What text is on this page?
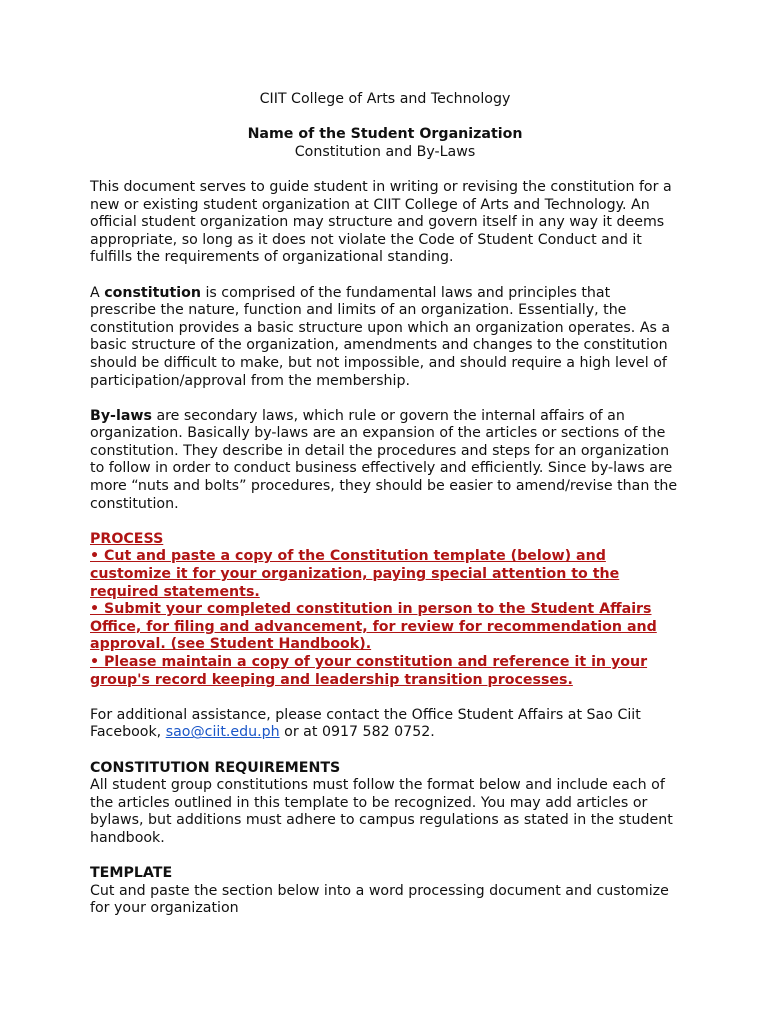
CIIT College of Arts and Technology

Name of the Student Organization

Constitution and By-Laws

This document serves to guide student in writing or revising the constitution for a new or existing student organization at CIIT College of Arts and Technology. An official student organization may structure and govern itself in any way it deems appropriate, so long as it does not violate the Code of Student Conduct and it fulfills the requirements of organizational standing.

A constitution is comprised of the fundamental laws and principles that prescribe the nature, function and limits of an organization. Essentially, the constitution provides a basic structure upon which an organization operates. As a basic structure of the organization, amendments and changes to the constitution should be difficult to make, but not impossible, and should require a high level of participation/approval from the membership.

By-laws are secondary laws, which rule or govern the internal affairs of an organization. Basically by-laws are an expansion of the articles or sections of the constitution. They describe in detail the procedures and steps for an organization to follow in order to conduct business effectively and efficiently. Since by-laws are more “nuts and bolts” procedures, they should be easier to amend/revise than the constitution.

PROCESS

• Cut and paste a copy of the Constitution template (below) and customize it for your organization, paying special attention to the required statements.

• Submit your completed constitution in person to the Student Affairs Office, for filing and advancement, for review for recommendation and approval. (see Student Handbook).

• Please maintain a copy of your constitution and reference it in your group's record keeping and leadership transition processes.

For additional assistance, please contact the Office Student Affairs at Sao Ciit Facebook, sao@ciit.edu.ph or at 0917 582 0752.

CONSTITUTION REQUIREMENTS

All student group constitutions must follow the format below and include each of the articles outlined in this template to be recognized. You may add articles or bylaws, but additions must adhere to campus regulations as stated in the student handbook.

TEMPLATE

Cut and paste the section below into a word processing document and customize for your organization
